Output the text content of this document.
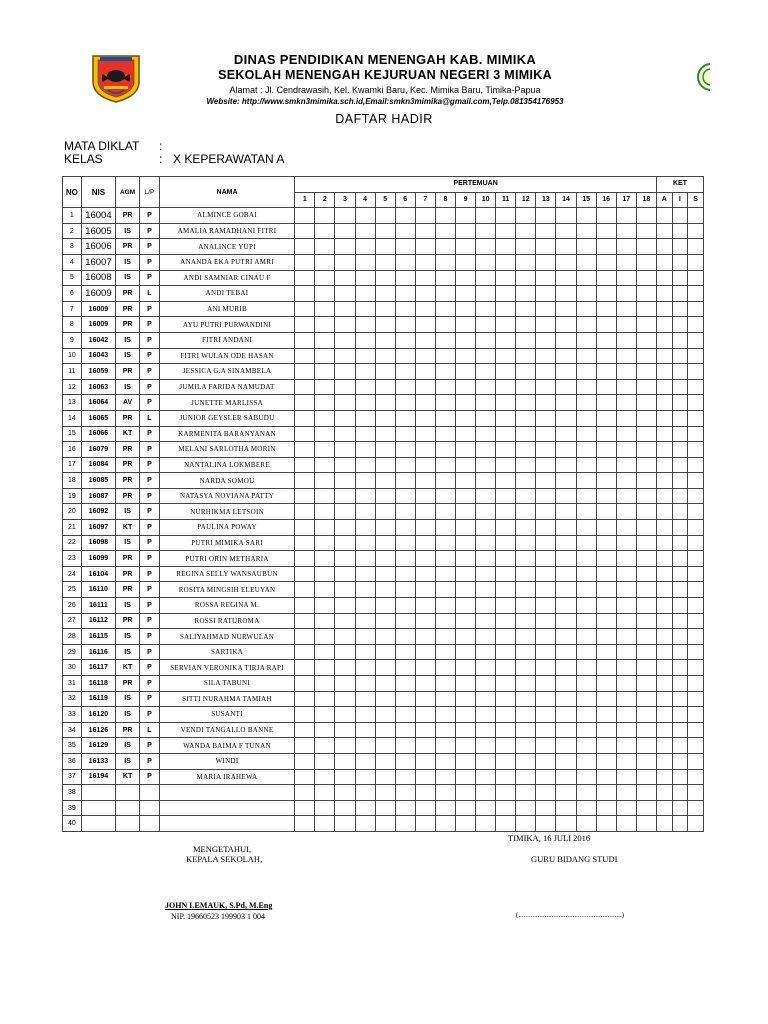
DINAS PENDIDIKAN MENENGAH KAB. MIMIKA
SEKOLAH MENENGAH KEJURUAN NEGERI 3 MIMIKA
Alamat : Jl. Cendrawasih, Kel. Kwamki Baru, Kec. Mimika Baru, Timika-Papua
Website: http://www.smkn3mimika.sch.id,Email:smkn3mimika@gmail.com,Telp.081354176953
DAFTAR HADIR
MATA DIKLAT :
KELAS	: X KEPERAWATAN A
NO	NIS	AGM	L/P	NAMA	PERTEMUAN																		KET		
					1	2	3	4	5	6	7	8	9	10	11	12	13	14	15	16	17	18	A	I	S
1	16004	PR	P	ALMINCE GOBAI																					
2	16005	IS	P	AMALIA RAMADHANI FITRI																					
3	16006	PR	P	ANALINCE YUPI																					
4	16007	IS	P	ANANDA EKA PUTRI AMRI																					
5	16008	IS	P	ANDI SAMNIAR CINAU F																					
6	16009	PR	L	ANDI TEBAI																					
7	16009	PR	P	ANI MURIB																					
8	16009	PR	P	AYU PUTRI PURWANDINI																					
9	16042	IS	P	FITRI ANDANI																					
10	16043	IS	P	FITRI WULAN ODE HASAN																					
11	16059	PR	P	JESSICA G.A SINAMBELA																					
12	16063	IS	P	JUMILA FARIDA NAMUDAT																					
13	16064	AV	P	JUNETTE MARLISSA																					
14	16065	PR	L	JUNIOR GEYSLER SABUDU																					
15	16066	KT	P	KARMENITA BARANYANAN																					
16	16079	PR	P	MELANI SARLOTHA MORIN																					
17	16084	PR	P	NANTALINA LOKMBERE																					
18	16085	PR	P	NARDA SOMOU																					
19	16087	PR	P	NATASYA NOVIANA PATTY																					
20	16092	IS	P	NURHIKMA LETSOIN																					
21	16097	KT	P	PAULINA POWAY																					
22	16098	IS	P	PUTRI MIMIKA SARI																					
23	16099	PR	P	PUTRI ORIN METHARIA																					
24	16104	PR	P	REGINA SELLY WANSAUBUN																					
25	16110	PR	P	ROSITA MINGSIH ELEUYAN																					
26	16111	IS	P	ROSSA REGINA M.																					
27	16112	PR	P	ROSSI RATUROMA																					
28	16115	IS	P	SALIYAHMAD NURWULAN																					
29	16116	IS	P	SARTIKA																					
30	16117	KT	P	SERVIAN VERONIKA TIRJA RAPI																					
31	16118	PR	P	SILA TABUNI																					
32	16119	IS	P	SITTI NURAHMA TAMIAH																					
33	16120	IS	P	SUSANTI																					
34	16126	PR	L	VENDI TANGALLO BANNE																					
35	16129	IS	P	WANDA BAIMA F TUNAN																					
36	16133	IS	P	WINDI																					
37	16194	KT	P	MARIA IRAHEWA																					
38																									
39																									
40																									
TIMIKA, 16 JULI 2016
MENGETAHUI,
KEPALA SEKOLAH,	GURU BIDANG STUDI
JOHN LEMAUK, S.Pd, M.Eng
NIP. 19660523 199903 1 004	(...........................................................)
